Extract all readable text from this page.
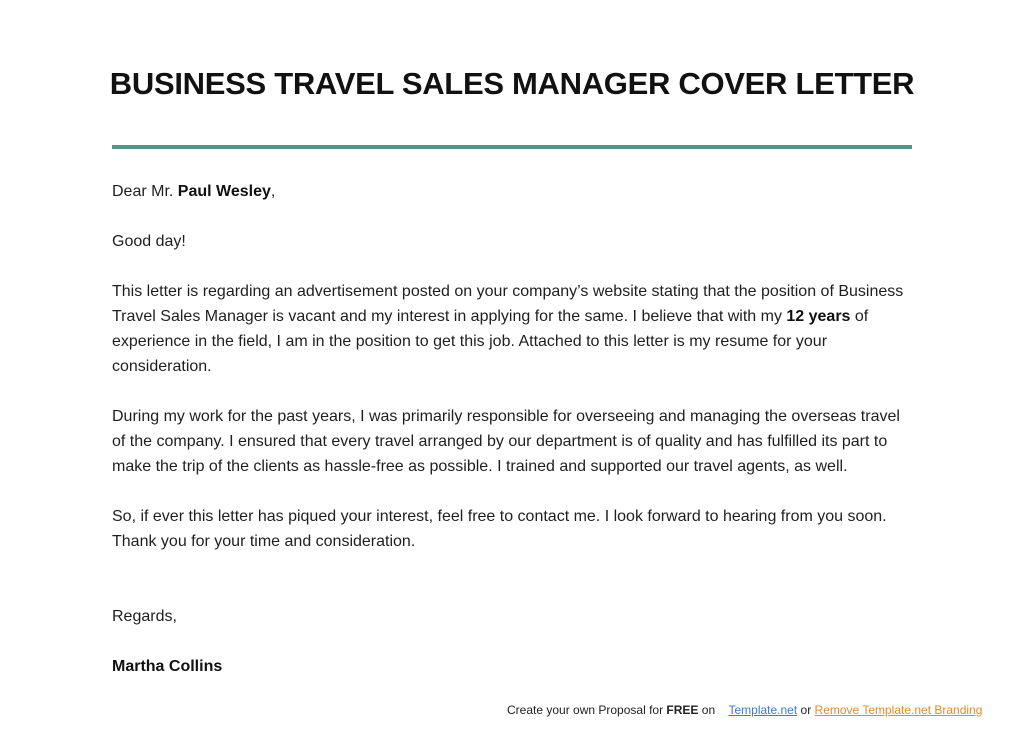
BUSINESS TRAVEL SALES MANAGER COVER LETTER

Dear Mr. Paul Wesley,

Good day!

This letter is regarding an advertisement posted on your company’s website stating that the position of Business Travel Sales Manager is vacant and my interest in applying for the same. I believe that with my 12 years of experience in the field, I am in the position to get this job. Attached to this letter is my resume for your consideration.

During my work for the past years, I was primarily responsible for overseeing and managing the overseas travel of the company. I ensured that every travel arranged by our department is of quality and has fulfilled its part to make the trip of the clients as hassle-free as possible. I trained and supported our travel agents, as well.

So, if ever this letter has piqued your interest, feel free to contact me. I look forward to hearing from you soon. Thank you for your time and consideration.

Regards,

Martha Collins

Create your own Proposal for FREE on Template.net or Remove Template.net Branding
